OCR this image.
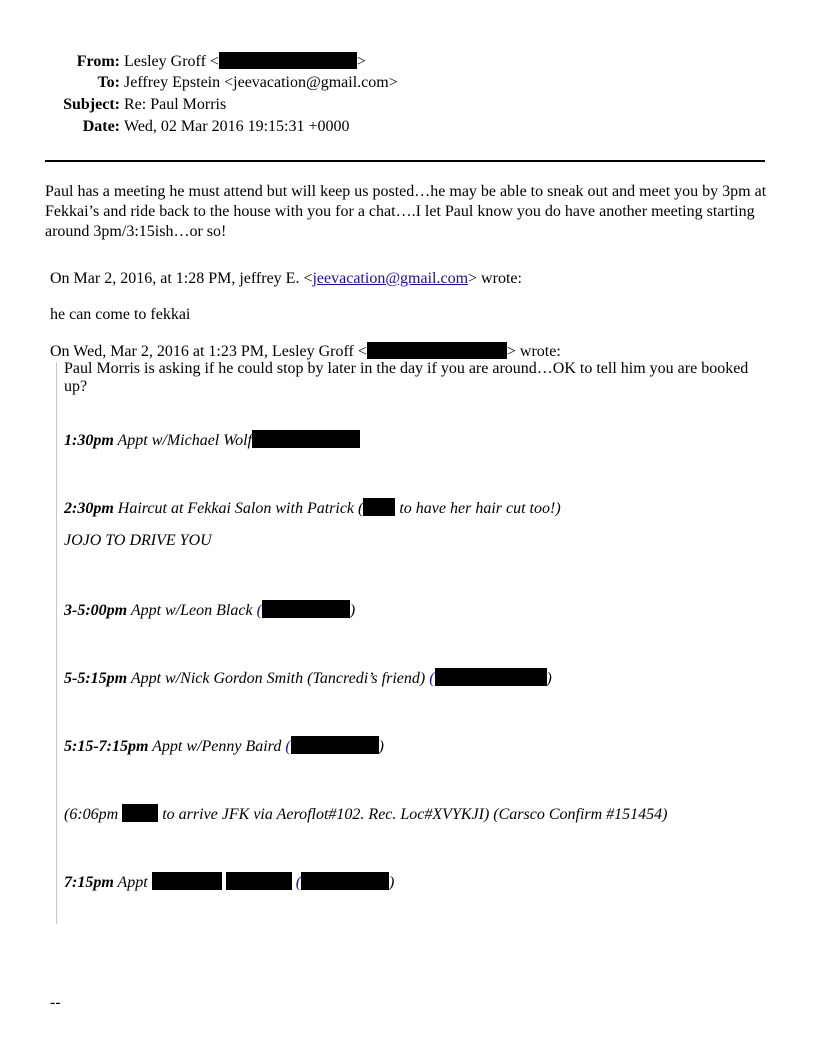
From: Lesley Groff <	>
To: Jeffrey Epstein <jeevacation@gmail.com>
Subject: Re: Paul Morris
Date: Wed, 02 Mar 2016 19:15:31 +0000
Paul has a meeting he must attend but will keep us posted…he may be able to sneak out and meet you by 3pm at Fekkai’s and ride back to the house with you for a chat….I let Paul know you do have another meeting starting around 3pm/3:15ish…or so!
On Mar 2, 2016, at 1:28 PM, jeffrey E. <jeevacation@gmail.com> wrote:
he can come to fekkai
On Wed, Mar 2, 2016 at 1:23 PM, Lesley Groff <	> wrote:
Paul Morris is asking if he could stop by later in the day if you are around…OK to tell him you are booked
up?
1:30pm Appt w/Michael Wolf
2:30pm Haircut at Fekkai Salon with Patrick ( to have her hair cut too!)
JOJO TO DRIVE YOU
3-5:00pm Appt w/Leon Black (	)
5-5:15pm Appt w/Nick Gordon Smith (Tancredi’s friend) (	)
5:15-7:15pm Appt w/Penny Baird (	)
(6:06pm  to arrive JFK via Aeroflot#102. Rec. Loc#XVYKJI) (Carsco Confirm #151454)
7:15pm Appt	(	)
--
